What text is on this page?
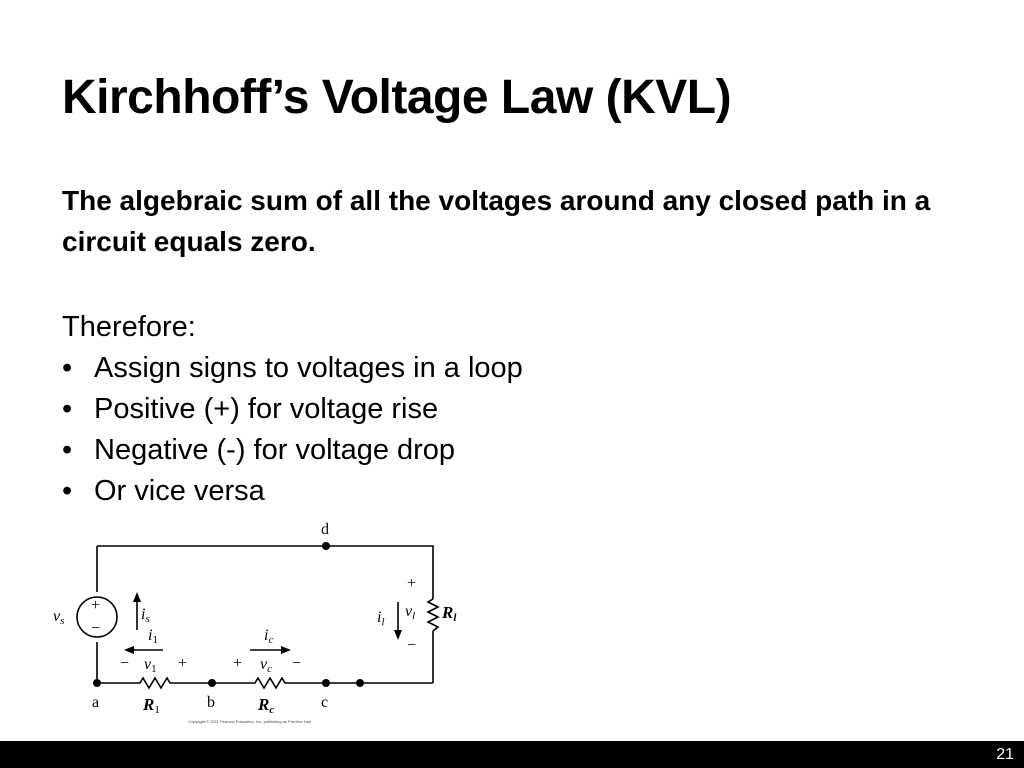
Kirchhoff’s Voltage Law (KVL)
The algebraic sum of all the voltages around any closed path in a circuit equals zero.
Therefore:
• Assign signs to voltages in a loop
• Positive (+) for voltage rise
• Negative (-) for voltage drop
• Or vice versa
d
a	b	c
+
−
vs	is
i1
− v1 +
R1
ic
+ vc −
Rc
+
−
il
vl Rl
Copyright © 2011 Pearson Education, Inc. publishing as Prentice Hall
21
